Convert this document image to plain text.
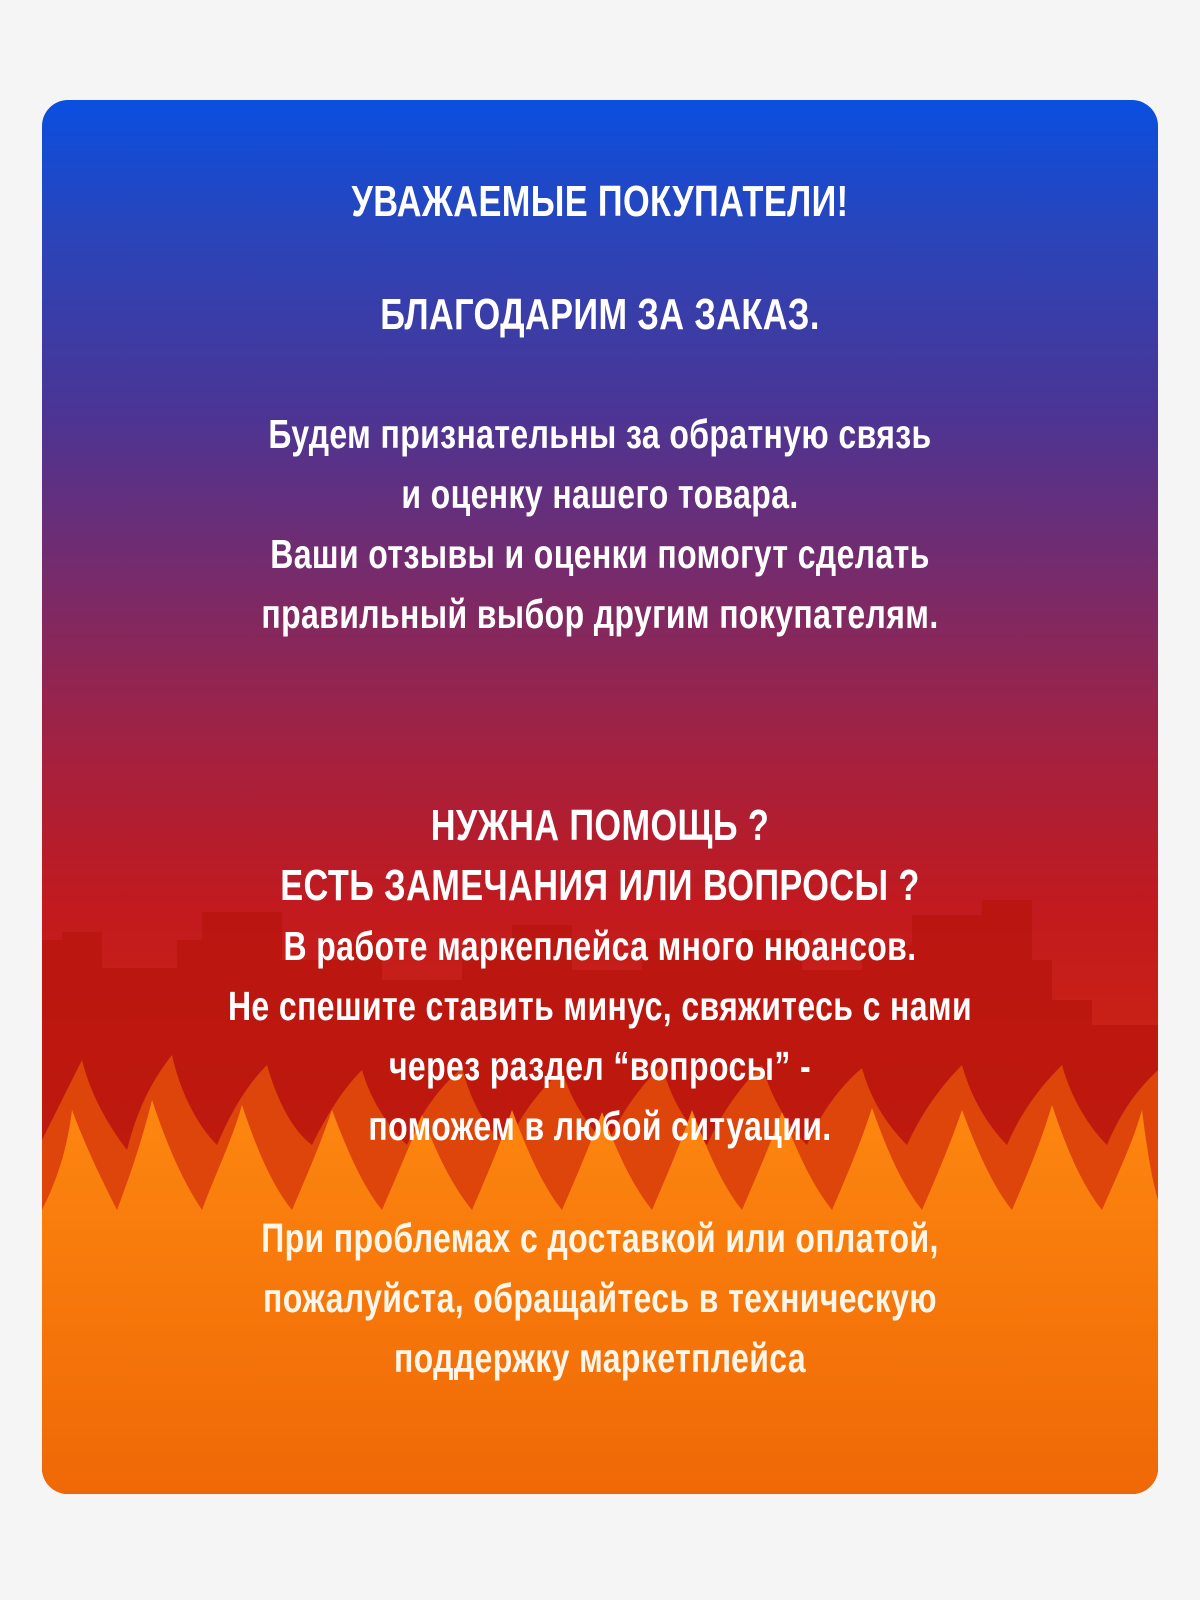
УВАЖАЕМЫЕ ПОКУПАТЕЛИ!
БЛАГОДАРИМ ЗА ЗАКАЗ.
Будем признательны за обратную связь
и оценку нашего товара.
Ваши отзывы и оценки помогут сделать
правильный выбор другим покупателям.
НУЖНА ПОМОЩЬ ?
ЕСТЬ ЗАМЕЧАНИЯ ИЛИ ВОПРОСЫ ?
В работе маркеплейса много нюансов.
Не спешите ставить минус, свяжитесь с нами
через раздел “вопросы” -
поможем в любой ситуации.
При проблемах с доставкой или оплатой,
пожалуйста, обращайтесь в техническую
поддержку маркетплейса
